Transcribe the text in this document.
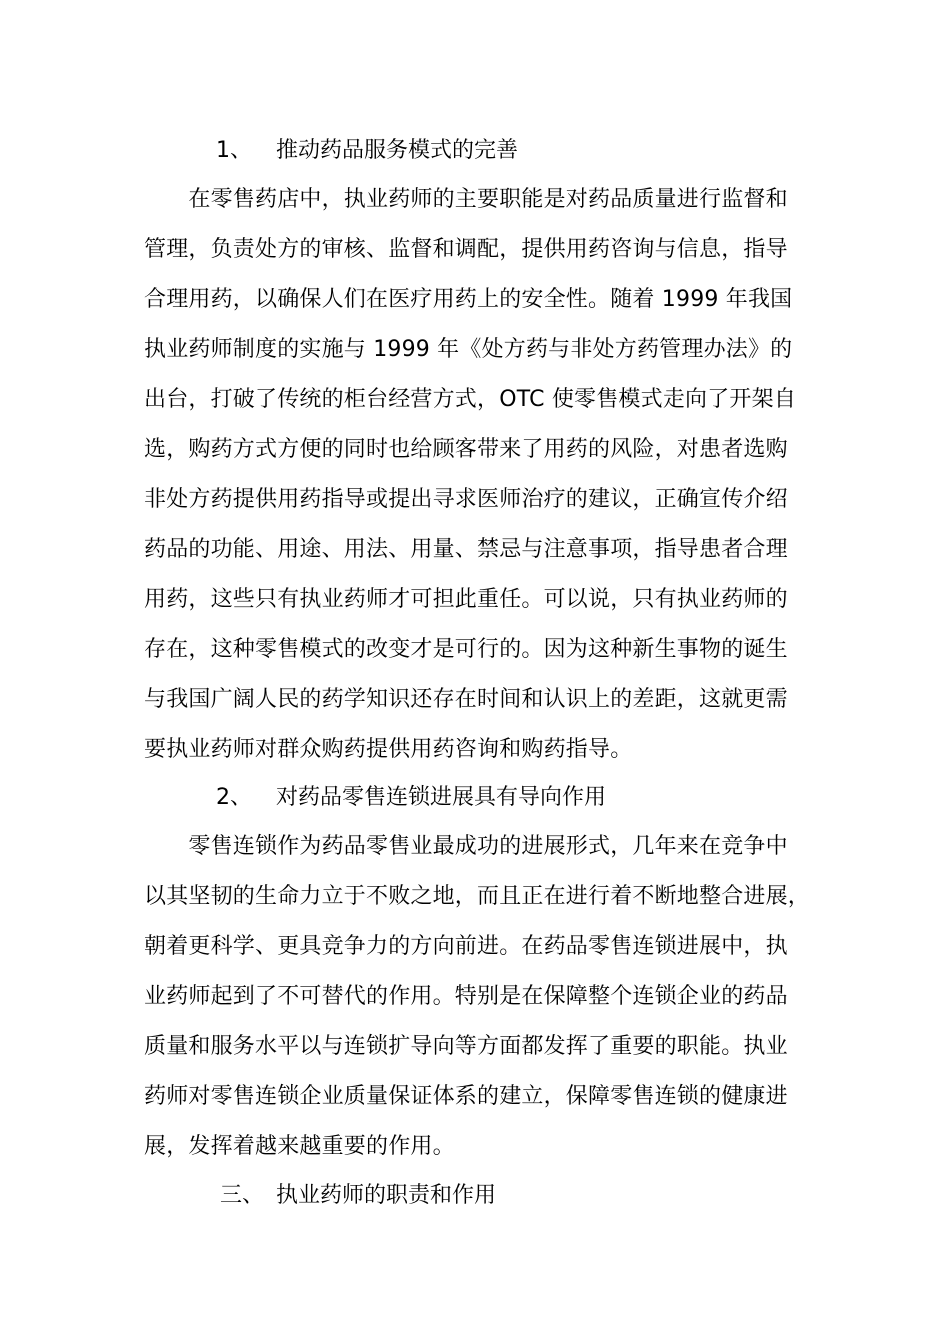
1、 推动药品服务模式的完善
　　在零售药店中，执业药师的主要职能是对药品质量进行监督和
管理，负责处方的审核、监督和调配，提供用药咨询与信息，指导
合理用药，以确保人们在医疗用药上的安全性。随着 1999 年我国
执业药师制度的实施与 1999 年《处方药与非处方药管理办法》的
出台，打破了传统的柜台经营方式，OTC 使零售模式走向了开架自
选，购药方式方便的同时也给顾客带来了用药的风险，对患者选购
非处方药提供用药指导或提出寻求医师治疗的建议，正确宣传介绍
药品的功能、用途、用法、用量、禁忌与注意事项，指导患者合理
用药，这些只有执业药师才可担此重任。可以说，只有执业药师的
存在，这种零售模式的改变才是可行的。因为这种新生事物的诞生
与我国广阔人民的药学知识还存在时间和认识上的差距，这就更需
要执业药师对群众购药提供用药咨询和购药指导。
2、 对药品零售连锁进展具有导向作用
　　零售连锁作为药品零售业最成功的进展形式，几年来在竞争中
以其坚韧的生命力立于不败之地，而且正在进行着不断地整合进展，
朝着更科学、更具竞争力的方向前进。在药品零售连锁进展中，执
业药师起到了不可替代的作用。特别是在保障整个连锁企业的药品
质量和服务水平以与连锁扩导向等方面都发挥了重要的职能。执业
药师对零售连锁企业质量保证体系的建立，保障零售连锁的健康进
展，发挥着越来越重要的作用。
三、 执业药师的职责和作用
